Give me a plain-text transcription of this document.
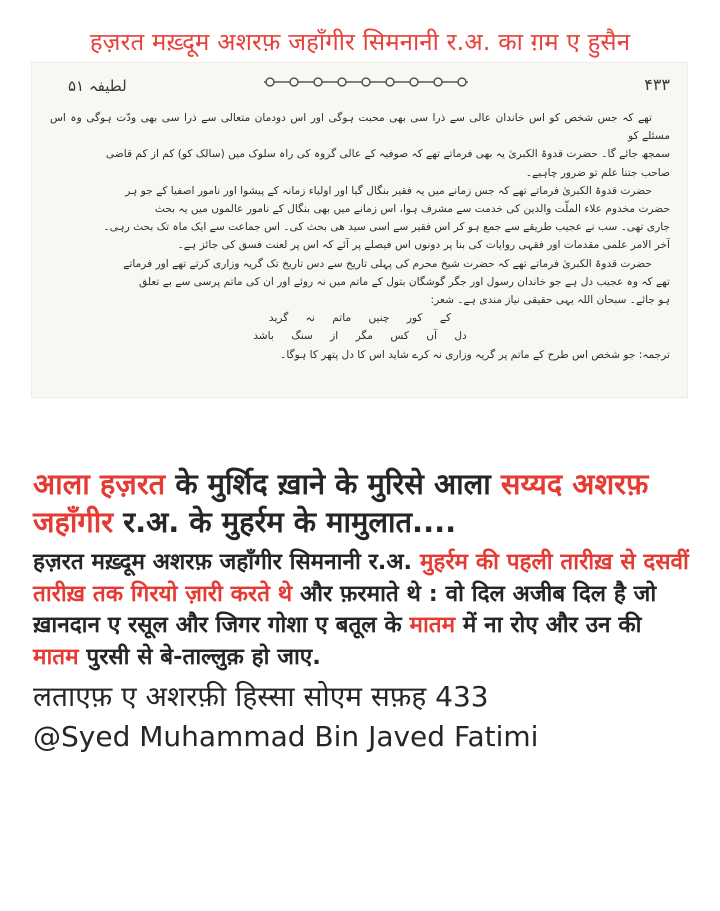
हज़रत मख़्दूम अशरफ़ जहाँगीर सिमनानी र.अ. का ग़म ए हुसैन
۴۳۳
لطیفہ ۵۱

تھے کہ جس شخص کو اس خاندان عالی سے ذرا سی بھی محبت ہوگی اور اس دودمان متعالی سے ذرا سی بھی ودّت ہوگی وہ اس مسئلے کو

سمجھ جائے گا۔ حضرت قدوۃ الکبریٰ یہ بھی فرماتے تھے کہ صوفیہ کے عالی گروہ کی راہ سلوک میں (سالک کو) کم از کم قاضی

صاحب جتنا علم تو ضرور چاہیے۔

حضرت قدوۃ الکبریٰ فرماتے تھے کہ جس زمانے میں یہ فقیر بنگال گیا اور اولیاء زمانہ کے پیشوا اور نامور اصفیا کے جو ہر

حضرت مخدوم علاء الملّت والدین کی خدمت سے مشرف ہوا، اس زمانے میں بھی بنگال کے نامور عالموں میں یہ بحث

جاری تھی۔ سب نے عجیب طریقے سے جمع ہو کر اس فقیر سے اسی سید ھی بحث کی۔ اس جماعت سے ایک ماہ تک بحث رہی۔

آخر الامر علمی مقدمات اور فقہی روایات کی بنا پر دونوں اس فیصلے پر آئے کہ اس پر لعنت فسق کی جائز ہے۔

حضرت قدوۃ الکبریٰ فرماتے تھے کہ حضرت شیخ محرم کی پہلی تاریخ سے دس تاریخ تک گریہ وزاری کرتے تھے اور فرماتے

تھے کہ وہ عجیب دل ہے جو خاندان رسول اور جگر گوشگان بتول کے ماتم میں نہ روئے اور ان کی ماتم پرسی سے بے تعلق

ہو جائے۔ سبحان اللہ یہی حقیقی نیاز مندی ہے۔ شعر:

کے کور چنیں ماتم نہ گرید

دل آں کس مگر از سنگ باشد

ترجمہ: جو شخص اس طرح کے ماتم پر گریہ وزاری نہ کرے شاید اس کا دل پتھر کا ہوگا۔

आला हज़रत के मुर्शिद ख़ाने के मुरिसे आला सय्यद अशरफ़ जहाँगीर र.अ. के मुहर्रम के मामुलात....

हज़रत मख़्दूम अशरफ़ जहाँगीर सिमनानी र.अ. मुहर्रम की पहली तारीख़ से दसवीं तारीख़ तक गिरयो ज़ारी करते थे और फ़रमाते थे : वो दिल अजीब दिल है जो ख़ानदान ए रसूल और जिगर गोशा ए बतूल के मातम में ना रोए और उन की मातम पुरसी से बे-ताल्लुक़ हो जाए.

लताएफ़ ए अशरफ़ी हिस्सा सोएम सफ़ह 433

@Syed Muhammad Bin Javed Fatimi
